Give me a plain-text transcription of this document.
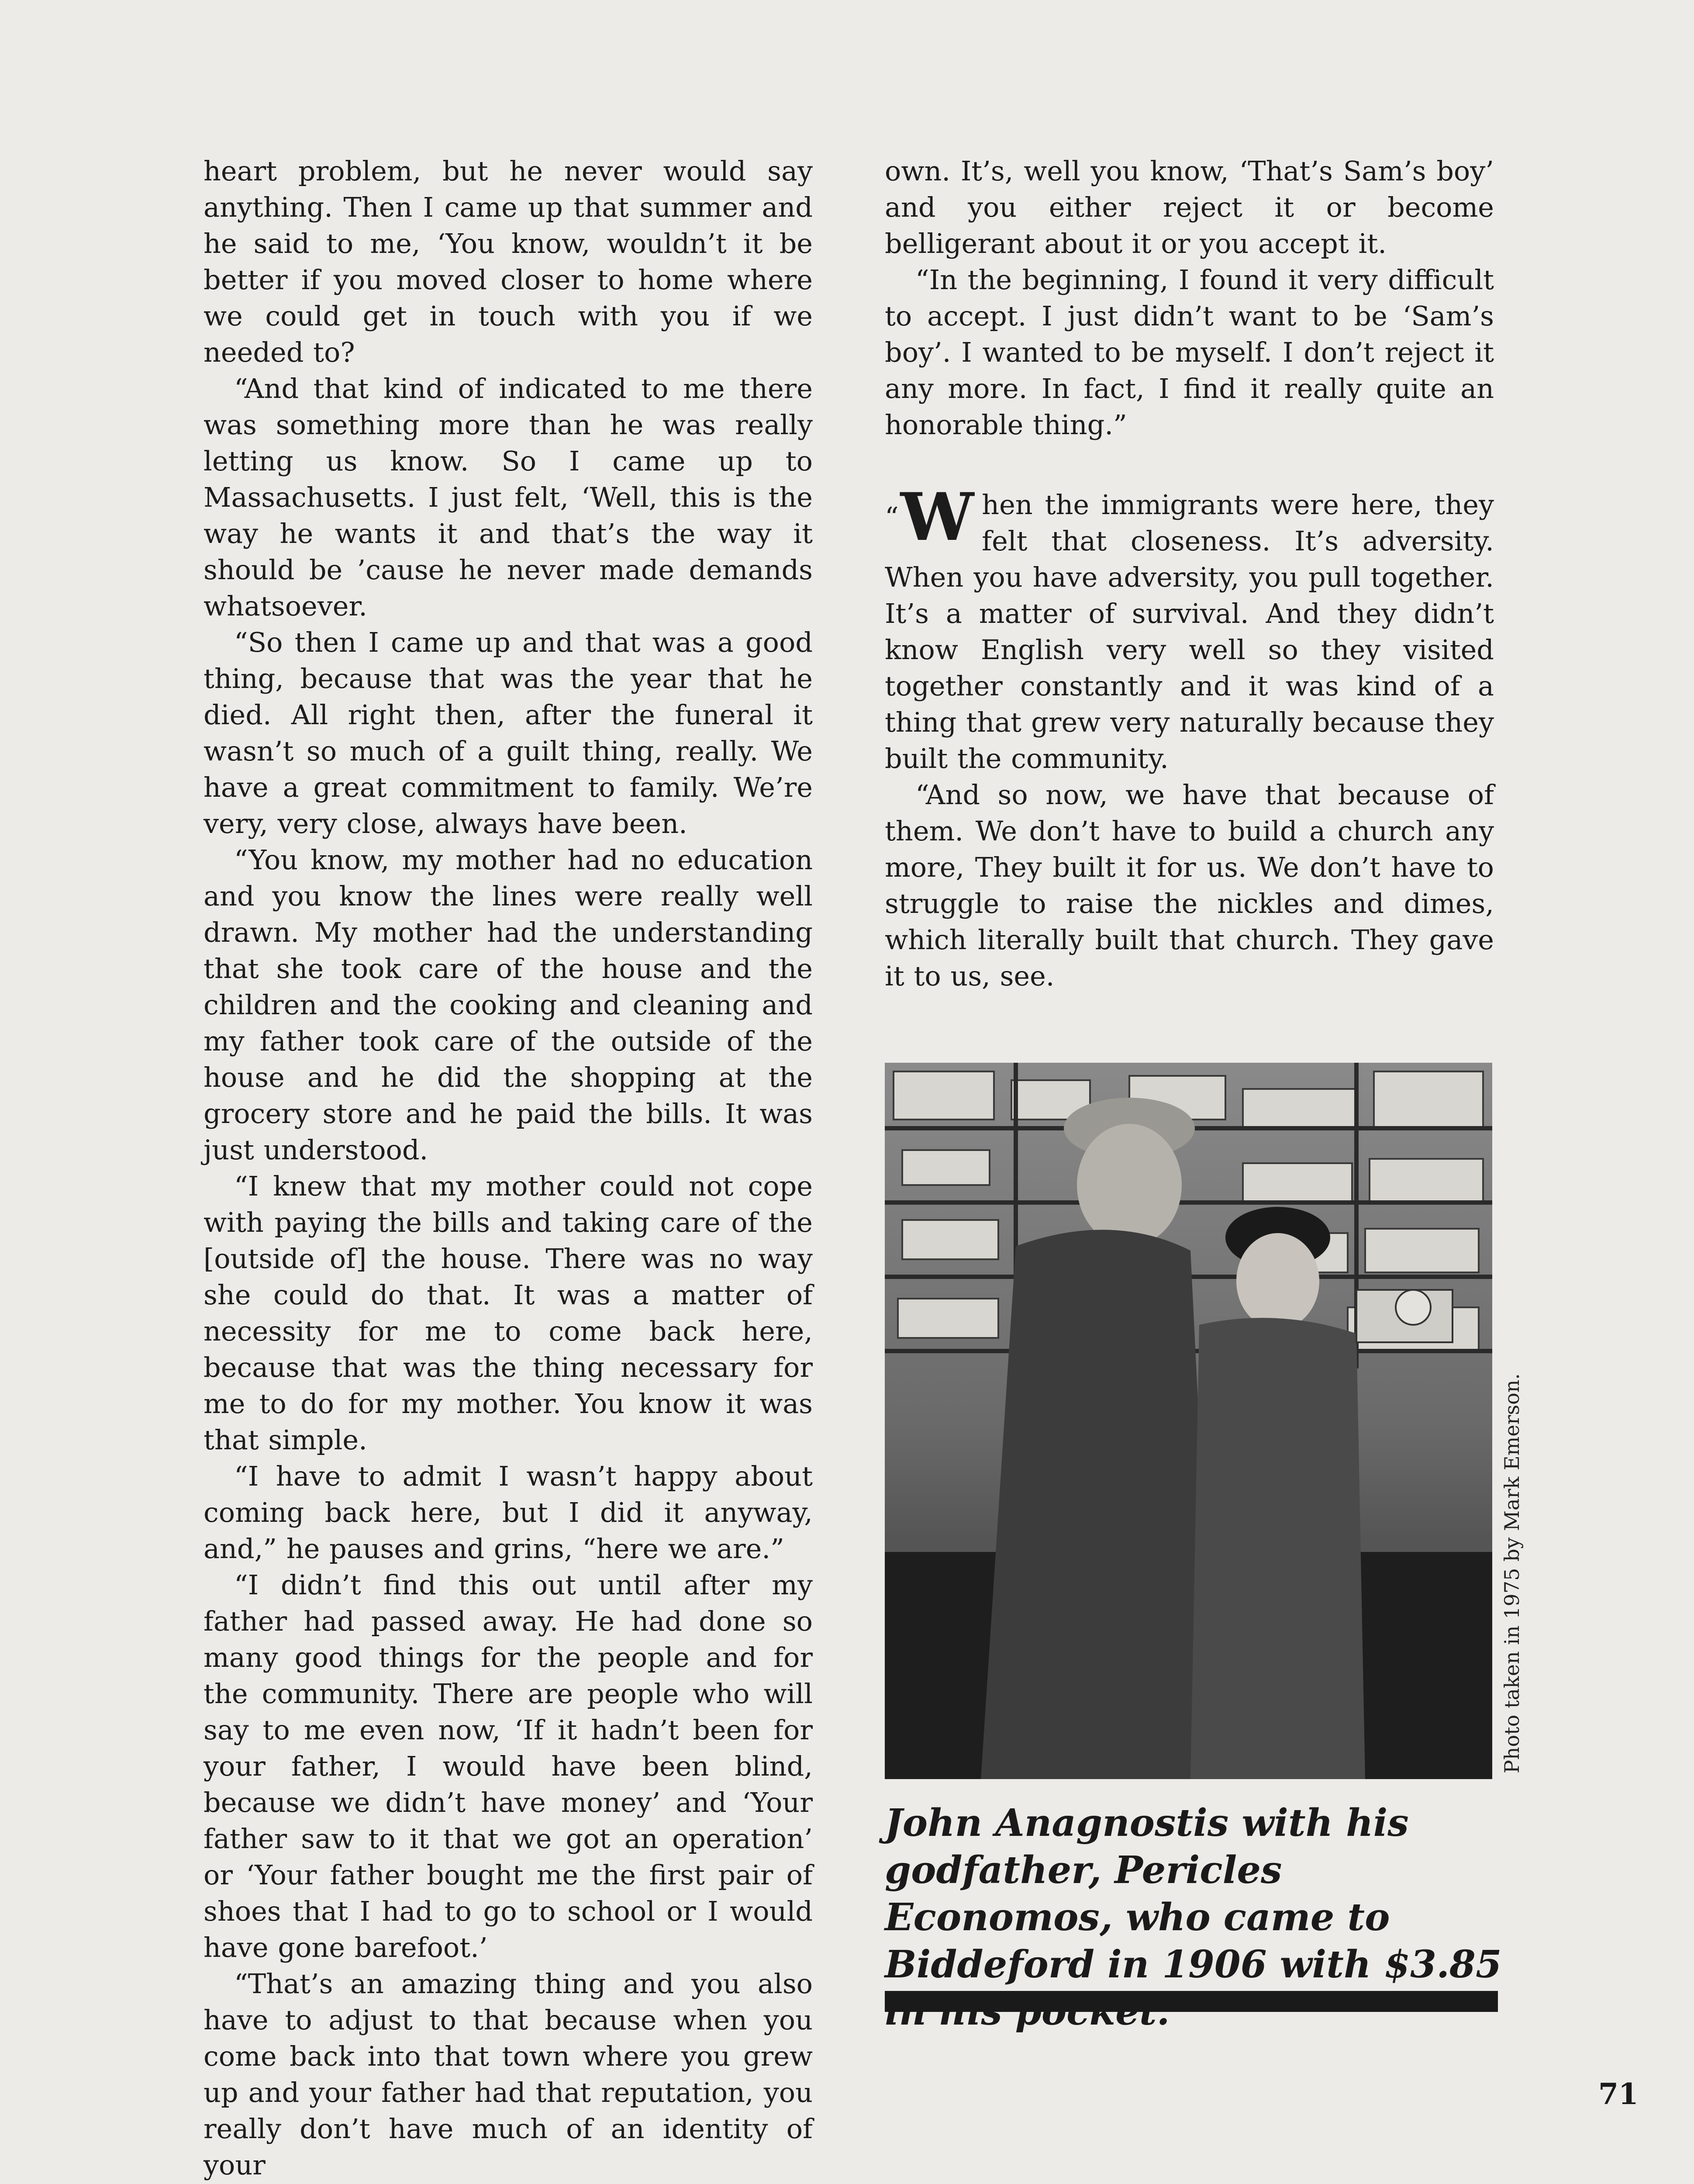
heart problem, but he never would say anything. Then I came up that summer and he said to me, ‘You know, wouldn’t it be better if you moved closer to home where we could get in touch with you if we needed to?

“And that kind of indicated to me there was something more than he was really letting us know. So I came up to Massachusetts. I just felt, ‘Well, this is the way he wants it and that’s the way it should be ’cause he never made demands whatsoever.

“So then I came up and that was a good thing, because that was the year that he died. All right then, after the funeral it wasn’t so much of a guilt thing, really. We have a great commitment to family. We’re very, very close, always have been.

“You know, my mother had no education and you know the lines were really well drawn. My mother had the understanding that she took care of the house and the children and the cooking and cleaning and my father took care of the outside of the house and he did the shopping at the grocery store and he paid the bills. It was just understood.

“I knew that my mother could not cope with paying the bills and taking care of the [outside of] the house. There was no way she could do that. It was a matter of necessity for me to come back here, because that was the thing necessary for me to do for my mother. You know it was that simple.

“I have to admit I wasn’t happy about coming back here, but I did it anyway, and,” he pauses and grins, “here we are.”

“I didn’t find this out until after my father had passed away. He had done so many good things for the people and for the community. There are people who will say to me even now, ‘If it hadn’t been for your father, I would have been blind, because we didn’t have money’ and ‘Your father saw to it that we got an operation’ or ‘Your father bought me the first pair of shoes that I had to go to school or I would have gone barefoot.’

“That’s an amazing thing and you also have to adjust to that because when you come back into that town where you grew up and your father had that reputation, you really don’t have much of an identity of your

own. It’s, well you know, ‘That’s Sam’s boy’ and you either reject it or become belligerant about it or you accept it.

“In the beginning, I found it very difficult to accept. I just didn’t want to be ‘Sam’s boy’. I wanted to be myself. I don’t reject it any more. In fact, I find it really quite an honorable thing.”

“W hen the immigrants were here, they felt that closeness. It’s adversity. When you have adversity, you pull together. It’s a matter of survival. And they didn’t know English very well so they visited together constantly and it was kind of a thing that grew very naturally because they built the community.

“And so now, we have that because of them. We don’t have to build a church any more, They built it for us. We don’t have to struggle to raise the nickles and dimes, which literally built that church. They gave it to us, see.

Photo taken in 1975 by Mark Emerson.
John Anagnostis with his godfather, Pericles Economos, who came to Biddeford in 1906 with $3.85
71
